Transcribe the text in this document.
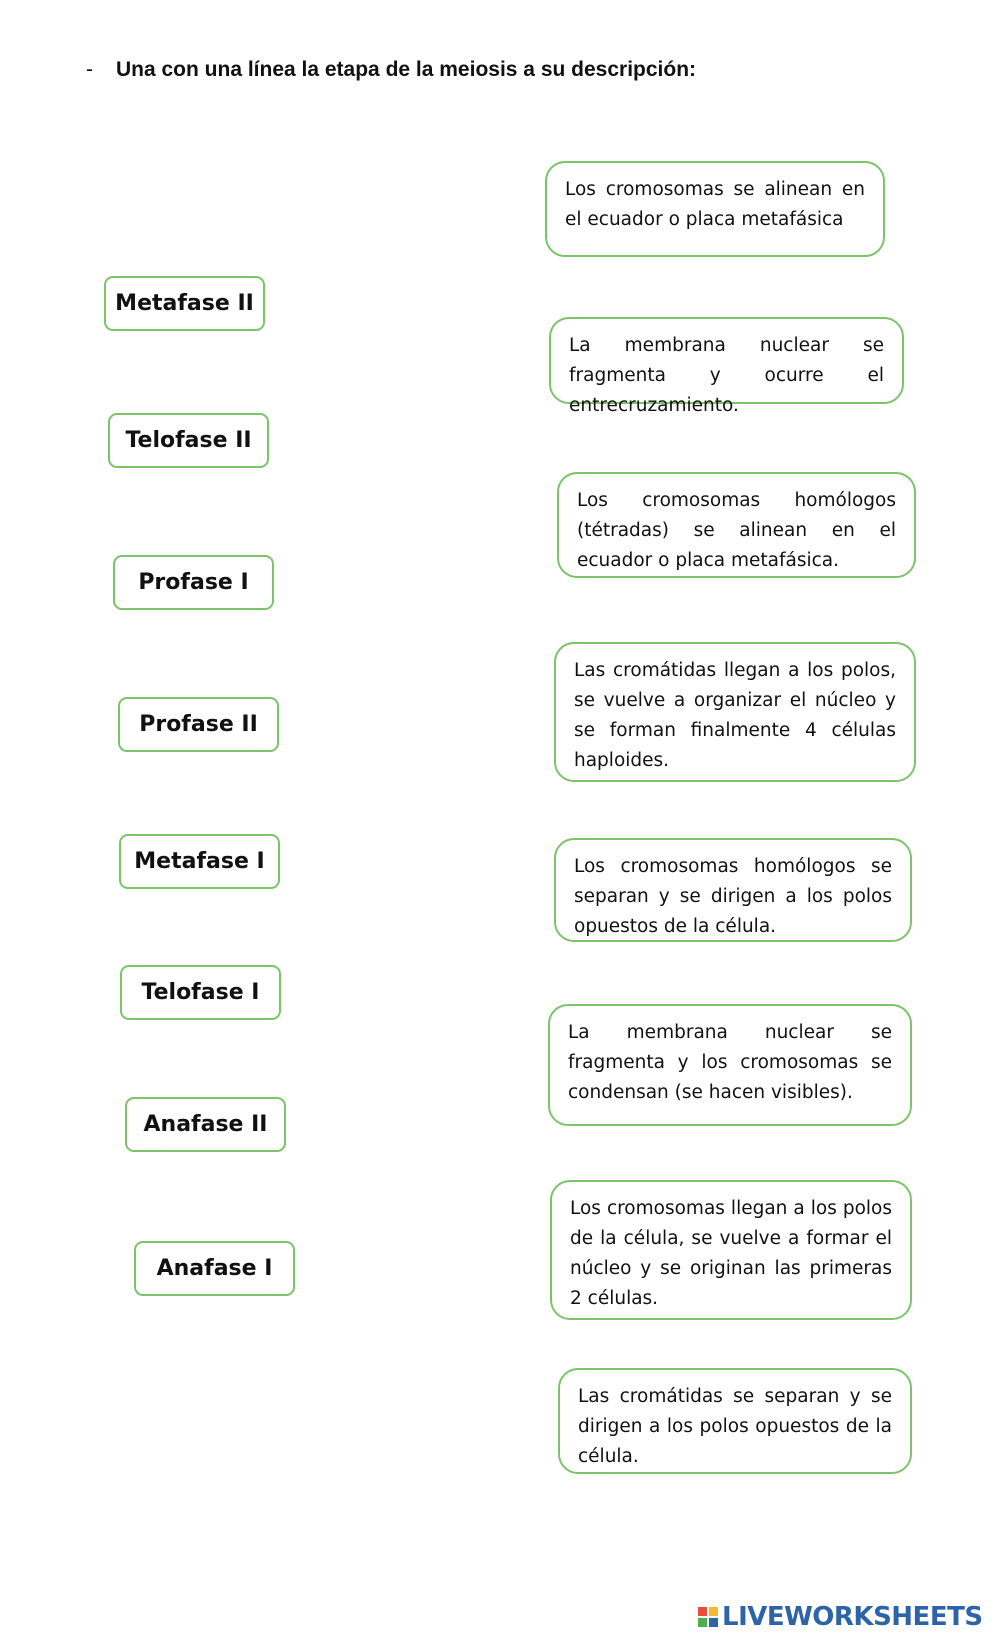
- Una con una línea la etapa de la meiosis a su descripción:
Metafase II
Telofase II
Profase I
Profase II
Metafase I
Telofase I
Anafase II
Anafase I
Los cromosomas se alinean en el ecuador o placa metafásica
La membrana nuclear se fragmenta y ocurre el entrecruzamiento.
Los cromosomas homólogos (tétradas) se alinean en el ecuador o placa metafásica.
Las cromátidas llegan a los polos, se vuelve a organizar el núcleo y se forman finalmente 4 células haploides.
Los cromosomas homólogos se separan y se dirigen a los polos opuestos de la célula.
La membrana nuclear se fragmenta y los cromosomas se condensan (se hacen visibles).
Los cromosomas llegan a los polos de la célula, se vuelve a formar el núcleo y se originan las primeras 2 células.
Las cromátidas se separan y se dirigen a los polos opuestos de la célula.
LIVEWORKSHEETS
